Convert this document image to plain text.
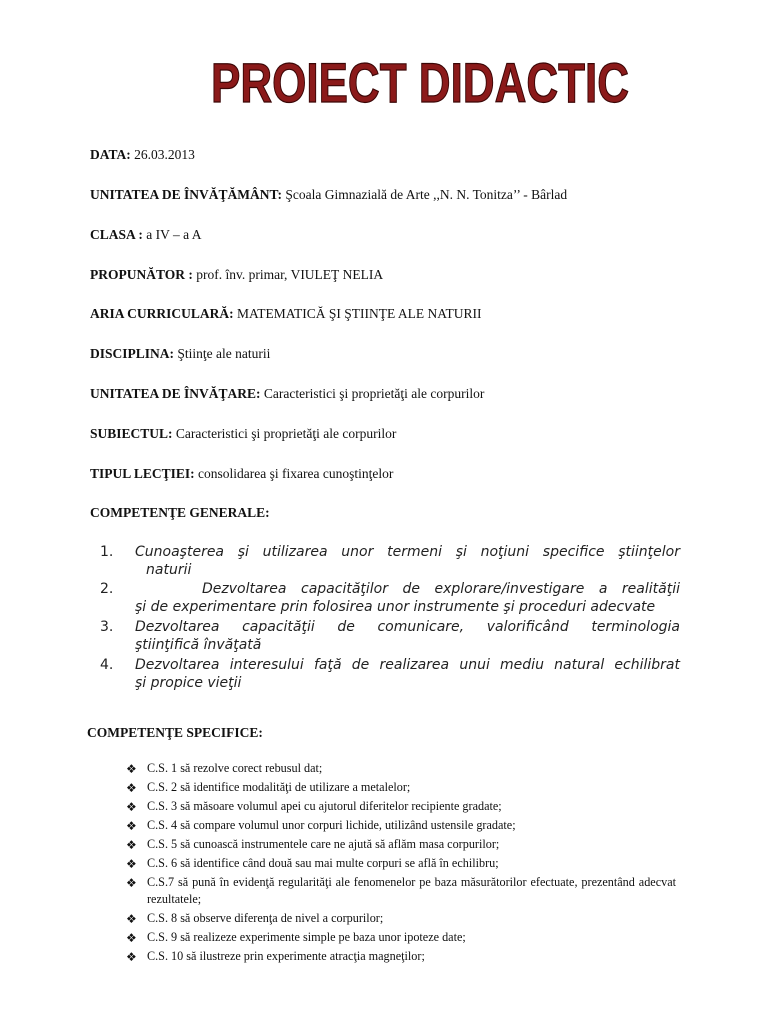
PROIECT DIDACTIC
DATA: 26.03.2013
UNITATEA DE ÎNVĂŢĂMÂNT: Şcoala Gimnazială de Arte ,,N. N. Tonitza’’ - Bârlad
CLASA : a IV – a A
PROPUNĂTOR : prof. înv. primar, VIULEŢ NELIA
ARIA CURRICULARĂ: MATEMATICĂ ŞI ŞTIINŢE ALE NATURII
DISCIPLINA: Ştiinţe ale naturii
UNITATEA DE ÎNVĂŢARE: Caracteristici şi proprietăţi ale corpurilor
SUBIECTUL: Caracteristici şi proprietăţi ale corpurilor
TIPUL LECŢIEI: consolidarea şi fixarea cunoştinţelor
COMPETENŢE GENERALE:
1. Cunoaşterea şi utilizarea unor termeni şi noţiuni specifice ştiinţelor
naturii
2.	Dezvoltarea capacităţilor de explorare/investigare a realităţii
şi de experimentare prin folosirea unor instrumente şi proceduri adecvate
3. Dezvoltarea capacităţii de comunicare, valorificând terminologia
ştiinţifică învăţată
4. Dezvoltarea interesului faţă de realizarea unui mediu natural echilibrat
şi propice vieţii
COMPETENŢE SPECIFICE:
❖ C.S. 1 să rezolve corect rebusul dat;
❖ C.S. 2 să identifice modalităţi de utilizare a metalelor;
❖ C.S. 3 să măsoare volumul apei cu ajutorul diferitelor recipiente gradate;
❖ C.S. 4 să compare volumul unor corpuri lichide, utilizând ustensile gradate;
❖ C.S. 5 să cunoască instrumentele care ne ajută să aflăm masa corpurilor;
❖ C.S. 6 să identifice când două sau mai multe corpuri se află în echilibru;
❖ C.S.7 să pună în evidenţă regularităţi ale fenomenelor pe baza măsurătorilor efectuate, prezentând adecvat rezultatele;
❖ C.S. 8 să observe diferenţa de nivel a corpurilor;
❖ C.S. 9 să realizeze experimente simple pe baza unor ipoteze date;
❖ C.S. 10 să ilustreze prin experimente atracţia magneţilor;
